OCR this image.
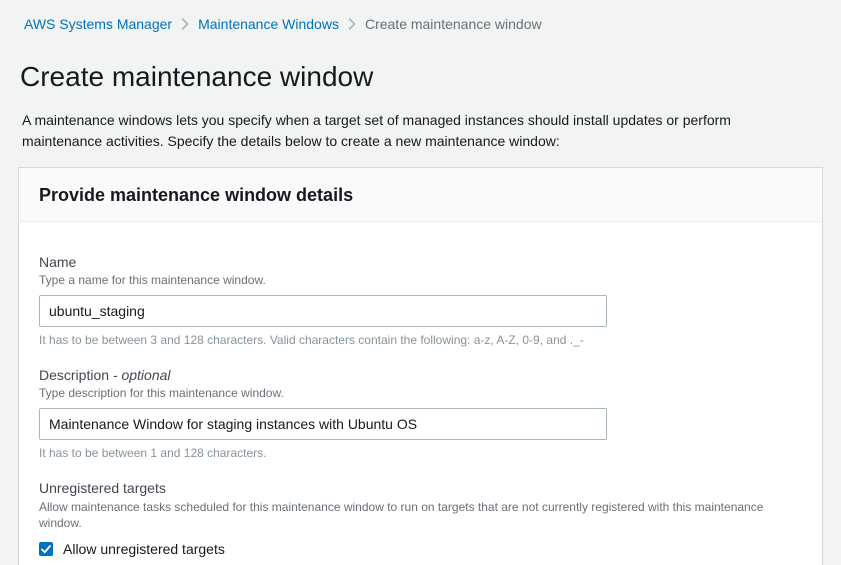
AWS Systems Manager Maintenance Windows Create maintenance window
Create maintenance window

A maintenance windows lets you specify when a target set of managed instances should install updates or perform maintenance activities. Specify the details below to create a new maintenance window:

Provide maintenance window details
Name
Type a name for this maintenance window.
ubuntu_staging
It has to be between 3 and 128 characters. Valid characters contain the following: a-z, A-Z, 0-9, and ._-
Description - optional
Type description for this maintenance window.
Maintenance Window for staging instances with Ubuntu OS
It has to be between 1 and 128 characters.
Unregistered targets
Allow maintenance tasks scheduled for this maintenance window to run on targets that are not currently registered with this maintenance window.
Allow unregistered targets
